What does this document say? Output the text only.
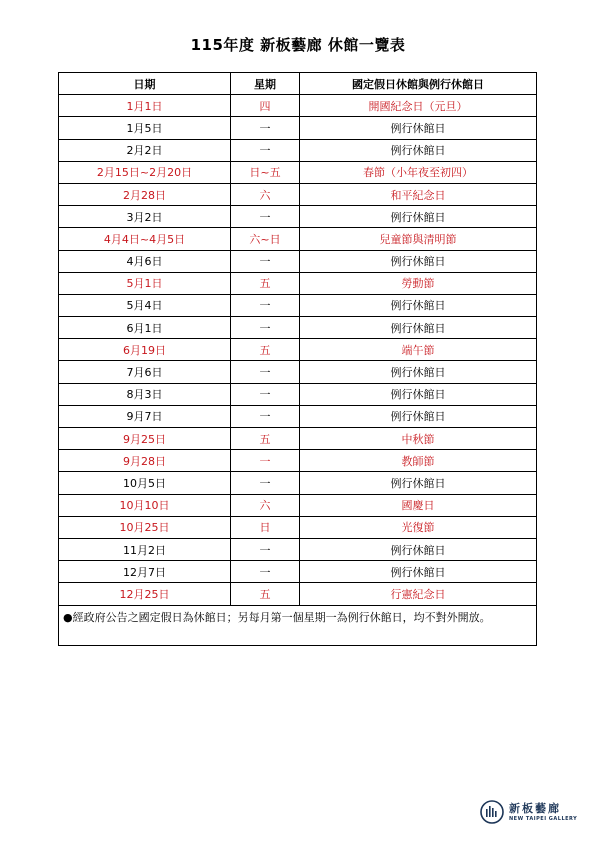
115年度 新板藝廊 休館一覽表
日期	星期	國定假日休館與例行休館日
1月1日	四	開國紀念日（元旦）
1月5日	一	例行休館日
2月2日	一	例行休館日
2月15日~2月20日	日~五	春節（小年夜至初四）
2月28日	六	和平紀念日
3月2日	一	例行休館日
4月4日~4月5日	六~日	兒童節與清明節
4月6日	一	例行休館日
5月1日	五	勞動節
5月4日	一	例行休館日
6月1日	一	例行休館日
6月19日	五	端午節
7月6日	一	例行休館日
8月3日	一	例行休館日
9月7日	一	例行休館日
9月25日	五	中秋節
9月28日	一	教師節
10月5日	一	例行休館日
10月10日	六	國慶日
10月25日	日	光復節
11月2日	一	例行休館日
12月7日	一	例行休館日
12月25日	五	行憲紀念日
●經政府公告之國定假日為休館日；另每月第一個星期一為例行休館日，均不對外開放。		
新板藝廊
NEW TAIPEI GALLERY
